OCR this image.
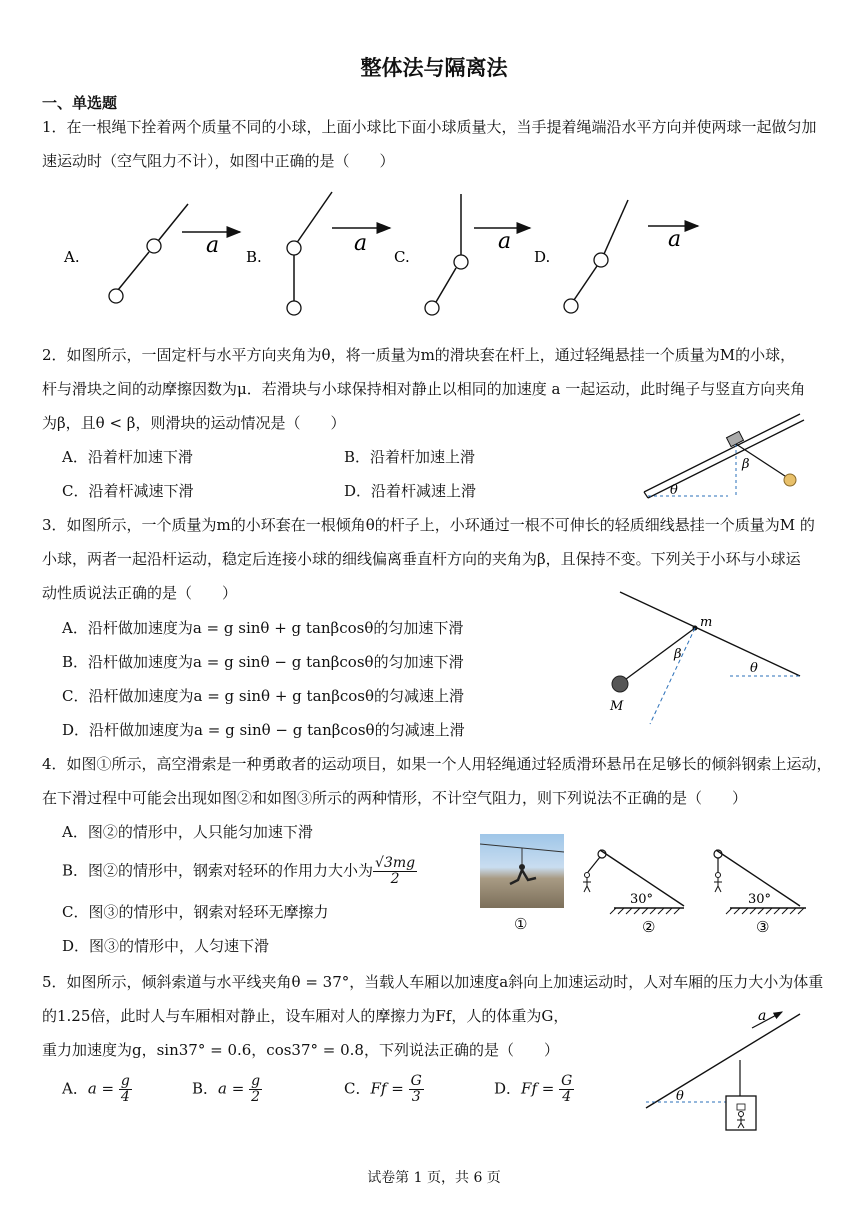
整体法与隔离法
一、单选题
1．在一根绳下拴着两个质量不同的小球，上面小球比下面小球质量大，当手提着绳端沿水平方向并使两球一起做匀加
速运动时（空气阻力不计），如图中正确的是（　　）
A.	a B.
a
C.
a
D.
a
2．如图所示，一固定杆与水平方向夹角为θ，将一质量为m的滑块套在杆上，通过轻绳悬挂一个质量为M的小球，
杆与滑块之间的动摩擦因数为μ．若滑块与小球保持相对静止以相同的加速度 a 一起运动，此时绳子与竖直方向夹角
为β，且θ < β，则滑块的运动情况是（　　）
A．沿着杆加速下滑	B．沿着杆加速上滑
C．沿着杆减速下滑	D．沿着杆减速上滑	θ
β
3．如图所示，一个质量为m的小环套在一根倾角θ的杆子上，小环通过一根不可伸长的轻质细线悬挂一个质量为M 的
小球，两者一起沿杆运动，稳定后连接小球的细线偏离垂直杆方向的夹角为β，且保持不变。下列关于小环与小球运
动性质说法正确的是（　　）
A．沿杆做加速度为a = g sinθ + g tanβcosθ的匀加速下滑
B．沿杆做加速度为a = g sinθ − g tanβcosθ的匀加速下滑
C．沿杆做加速度为a = g sinθ + g tanβcosθ的匀减速上滑
D．沿杆做加速度为a = g sinθ − g tanβcosθ的匀减速上滑
m
M
β
θ
4．如图①所示，高空滑索是一种勇敢者的运动项目，如果一个人用轻绳通过轻质滑环悬吊在足够长的倾斜钢索上运动，
在下滑过程中可能会出现如图②和如图③所示的两种情形，不计空气阻力，则下列说法不正确的是（　　）
A．图②的情形中，人只能匀加速下滑
B．图②的情形中，钢索对轻环的作用力大小为 $\frac{√3mg}{2}$
C．图③的情形中，钢索对轻环无摩擦力
D．图③的情形中，人匀速下滑
①
30°
②
30°
③
5．如图所示，倾斜索道与水平线夹角θ = 37°，当载人车厢以加速度a斜向上加速运动时，人对车厢的压力大小为体重
的1.25倍，此时人与车厢相对静止，设车厢对人的摩擦力为Ff，人的体重为G，
重力加速度为g，sin37° = 0.6，cos37° = 0.8，下列说法正确的是（　　）
A．$a = \frac{g}{4}$	B．$a = \frac{g}{2}$	C．$Ff = \frac{G}{3}$	D．$Ff = \frac{G}{4}$
a
θ
试卷第 1 页，共 6 页
